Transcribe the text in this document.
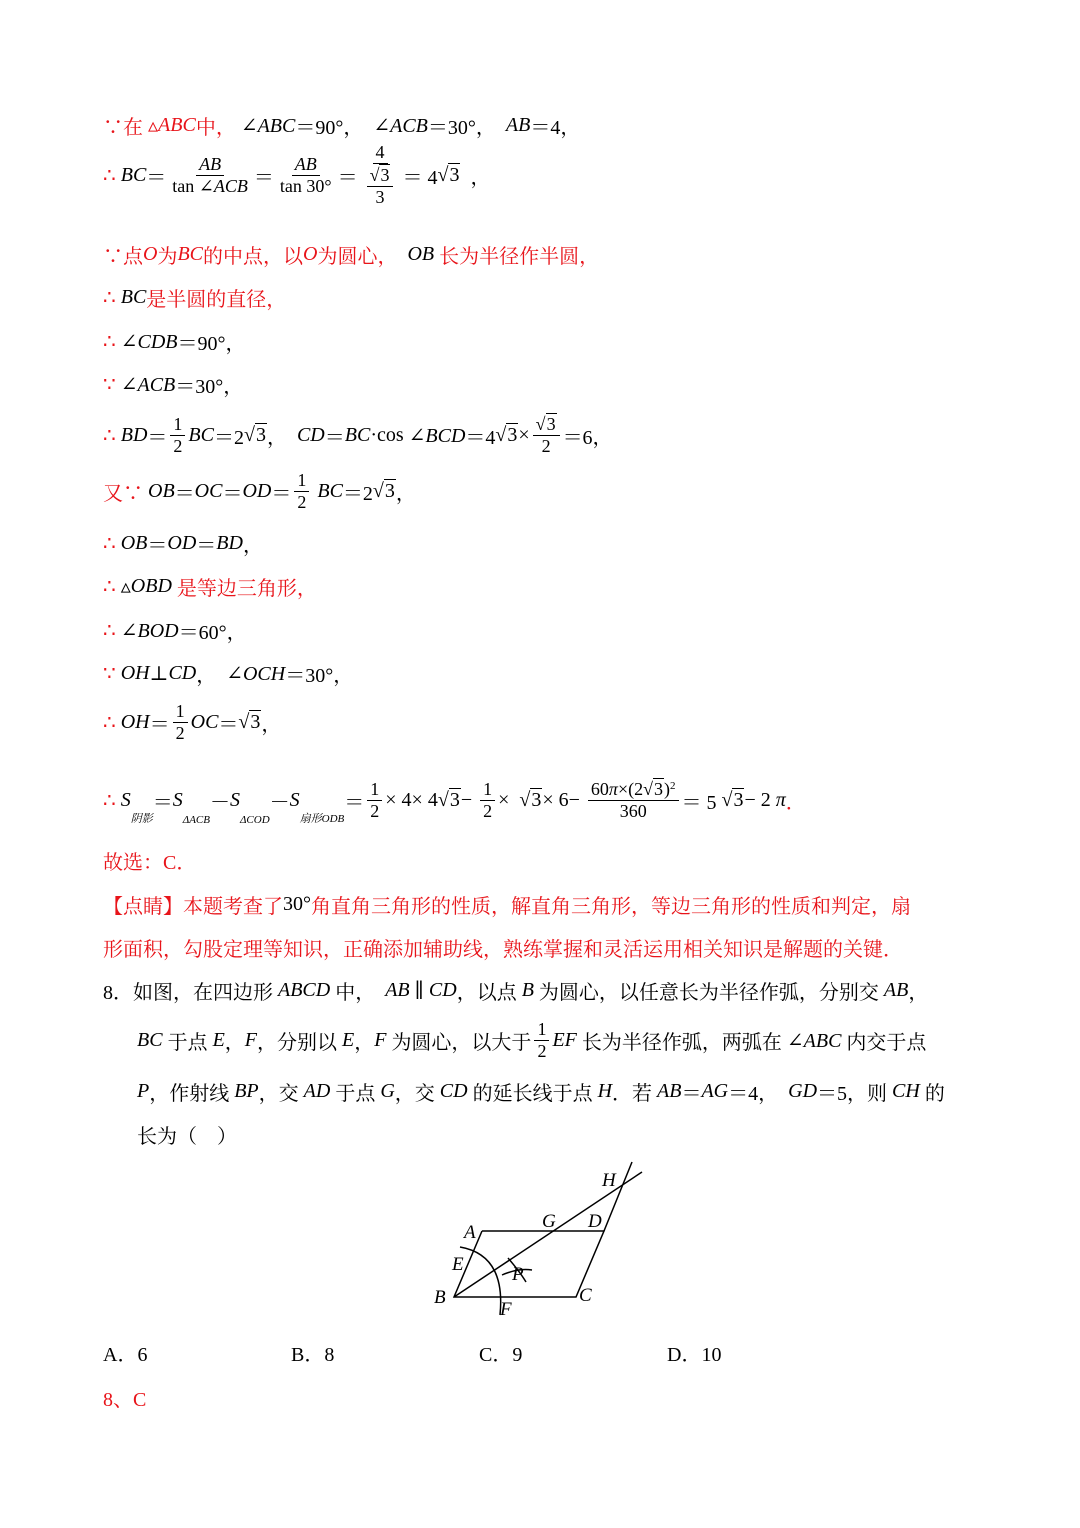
∵在 ▵ ABC 中， ∠ABC ＝90°， ∠ACB ＝30°， AB ＝4，
∴ BC ＝ $\frac{AB}{\text{tan ∠ACB}} = \frac{AB}{\tan 30^\circ} = \frac{4}{\frac{√ 3}{3}} = 4$ √ 3 ，
∵点 O 为 BC 的中点，以 O 为圆心， OB 长为半径作半圆，
∴ BC 是半圆的直径，
∴ ∠CDB ＝90°，
∵ ∠ACB ＝30°，
∴ BD ＝ $\frac{1}{2}$ BC ＝2 √ 3 ， CD ＝ BC ·cos ∠BCD ＝4 √ $3 \times \frac{√ 3}{2} =6$，
又∵ OB ＝ OC ＝ OD ＝ $\frac{1}{2}$ BC ＝2 √ 3 ，
∴ OB ＝ OD ＝ BD ，
∴ ▵ OBD 是等边三角形，
∴ ∠BOD ＝60°，
∵ OH ⊥ CD ， ∠OCH ＝30°，
∴ OH ＝ $\frac{1}{2}$ OC ＝ √ 3 ，
∴ S
阴影
＝ S
ΔACB
－ S
ΔCOD
－ S
扇形ODB
＝ $\frac{1}{2} \times 4\times 4$ √ $3 - \frac{1}{2}$ × √ $3 \times 6- \frac{60 \pi \times(2 √ 3 ) 2}{360} = 5$ √ 3 − 2 π ．
故选：C．
【点睛】本题考查了 30° 角直角三角形的性质，解直角三角形，等边三角形的性质和判定，扇
形面积，勾股定理等知识，正确添加辅助线，熟练掌握和灵活运用相关知识是解题的关键．
8．如图，在四边形 ABCD 中， AB ∥ CD ，以点 B 为圆心，以任意长为半径作弧，分别交 AB ，
BC 于点 E ， F ，分别以 E ， F 为圆心，以大于 $\frac{1}{2}$ EF 长为半径作弧，两弧在 ∠ABC 内交于点
P ，作射线 BP ，交 AD 于点 G ，交 CD 的延长线于点 H ．若 AB ＝ AG ＝4， GD ＝5，则 CH 的
长为（　）
A
B	C
D
E
F
G
H
P
A．6	B．8	C．9	D．10
8、C
